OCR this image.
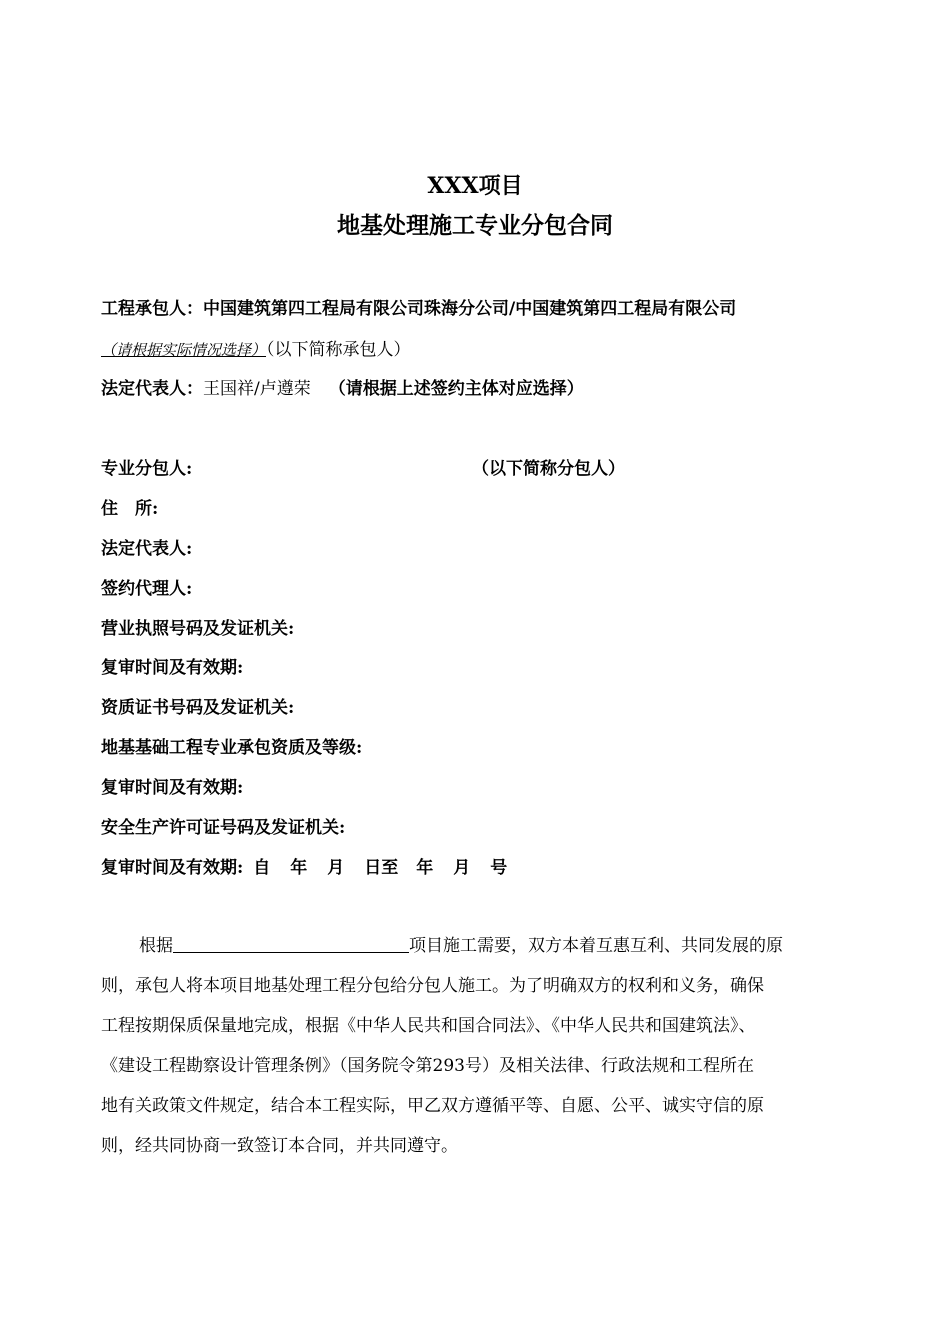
XXX项目
地基处理施工专业分包合同
工程承包人：中国建筑第四工程局有限公司珠海分公司/中国建筑第四工程局有限公司
（请根据实际情况选择）（以下简称承包人）
法定代表人：王国祥/卢遵荣 （请根据上述签约主体对应选择）
专业分包人:	（以下简称分包人）
住　所:
法定代表人:
签约代理人:
营业执照号码及发证机关:
复审时间及有效期:
资质证书号码及发证机关:
地基基础工程专业承包资质及等级:
复审时间及有效期:
安全生产许可证号码及发证机关:
复审时间及有效期: 自 年 月 日至 年 月 号
根据	项目施工需要，双方本着互惠互利、共同发展的原
则，承包人将本项目地基处理工程分包给分包人施工。为了明确双方的权利和义务，确保
工程按期保质保量地完成，根据《中华人民共和国合同法》、《中华人民共和国建筑法》、
《建设工程勘察设计管理条例》（国务院令第293号）及相关法律、行政法规和工程所在
地有关政策文件规定，结合本工程实际，甲乙双方遵循平等、自愿、公平、诚实守信的原
则，经共同协商一致签订本合同，并共同遵守。
